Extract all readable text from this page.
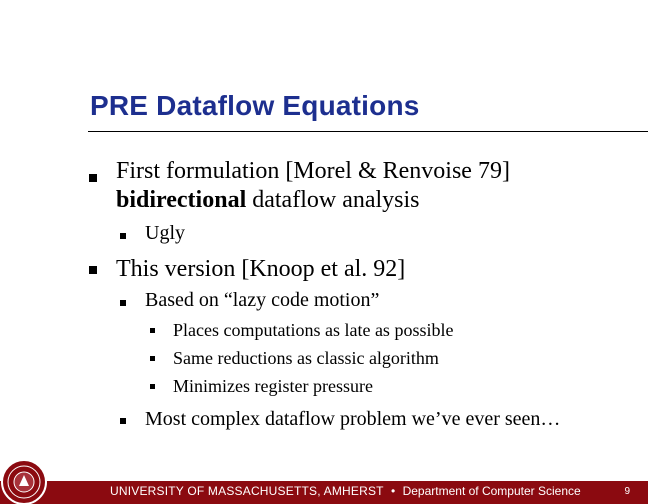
PRE Dataflow Equations
First formulation [Morel & Renvoise 79]
bidirectional dataflow analysis
Ugly
This version [Knoop et al. 92]
Based on “lazy code motion”
Places computations as late as possible
Same reductions as classic algorithm
Minimizes register pressure
Most complex dataflow problem we’ve ever seen…
UNIVERSITY OF MASSACHUSETTS, AMHERST • Department of Computer Science	9
